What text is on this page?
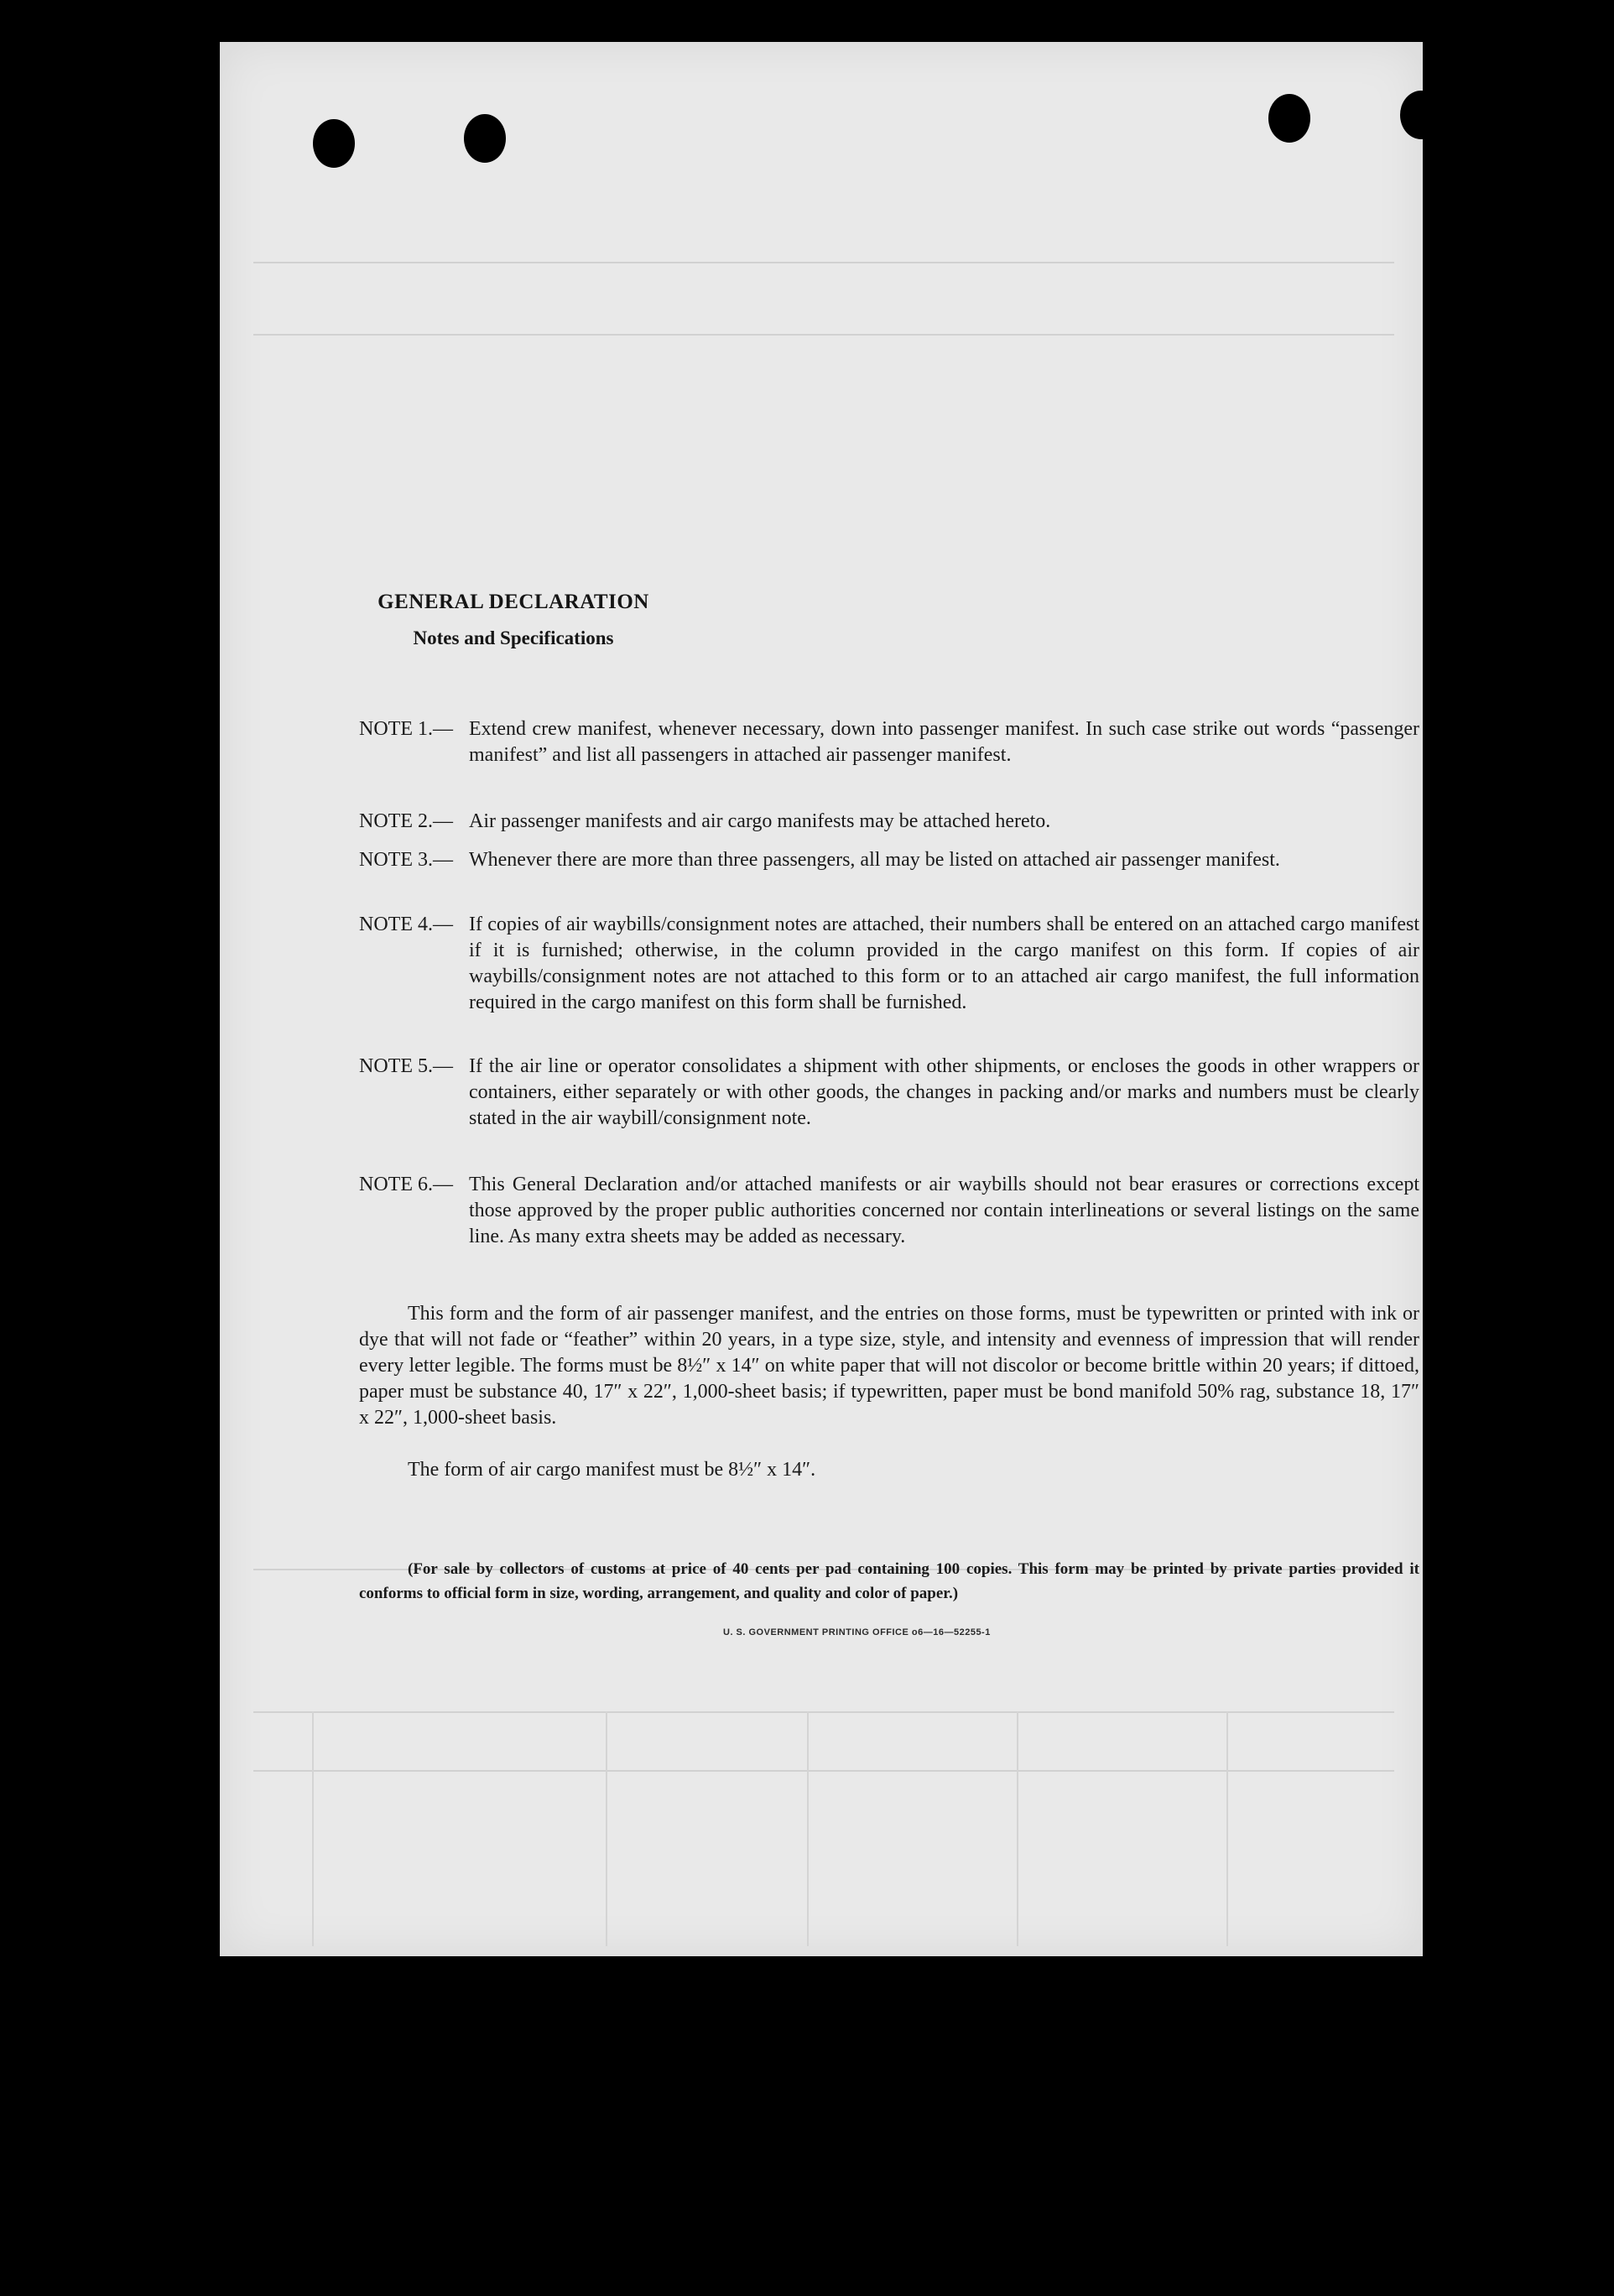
GENERAL DECLARATION
Notes and Specifications
NOTE 1.— Extend crew manifest, whenever necessary, down into passenger manifest. In such case strike out words “passenger manifest” and list all passengers in attached air passenger manifest.
NOTE 2.— Air passenger manifests and air cargo manifests may be attached hereto.
NOTE 3.— Whenever there are more than three passengers, all may be listed on attached air passenger manifest.
NOTE 4.— If copies of air waybills/consignment notes are attached, their numbers shall be entered on an attached cargo manifest if it is furnished; otherwise, in the column provided in the cargo manifest on this form. If copies of air waybills/consignment notes are not attached to this form or to an attached air cargo manifest, the full information required in the cargo manifest on this form shall be furnished.
NOTE 5.— If the air line or operator consolidates a shipment with other shipments, or encloses the goods in other wrappers or containers, either separately or with other goods, the changes in packing and/or marks and numbers must be clearly stated in the air waybill/consignment note.
NOTE 6.— This General Declaration and/or attached manifests or air waybills should not bear erasures or corrections except those approved by the proper public authorities concerned nor contain interlineations or several listings on the same line. As many extra sheets may be added as necessary.
This form and the form of air passenger manifest, and the entries on those forms, must be typewritten or printed with ink or dye that will not fade or “feather” within 20 years, in a type size, style, and intensity and evenness of impression that will render every letter legible. The forms must be 8½″ x 14″ on white paper that will not discolor or become brittle within 20 years; if dittoed, paper must be substance 40, 17″ x 22″, 1,000-sheet basis; if typewritten, paper must be bond manifold 50% rag, substance 18, 17″ x 22″, 1,000-sheet basis.
The form of air cargo manifest must be 8½″ x 14″.
(For sale by collectors of customs at price of 40 cents per pad containing 100 copies. This form may be printed by private parties provided it conforms to official form in size, wording, arrangement, and quality and color of paper.)
U. S. GOVERNMENT PRINTING OFFICE o6—16—52255-1
